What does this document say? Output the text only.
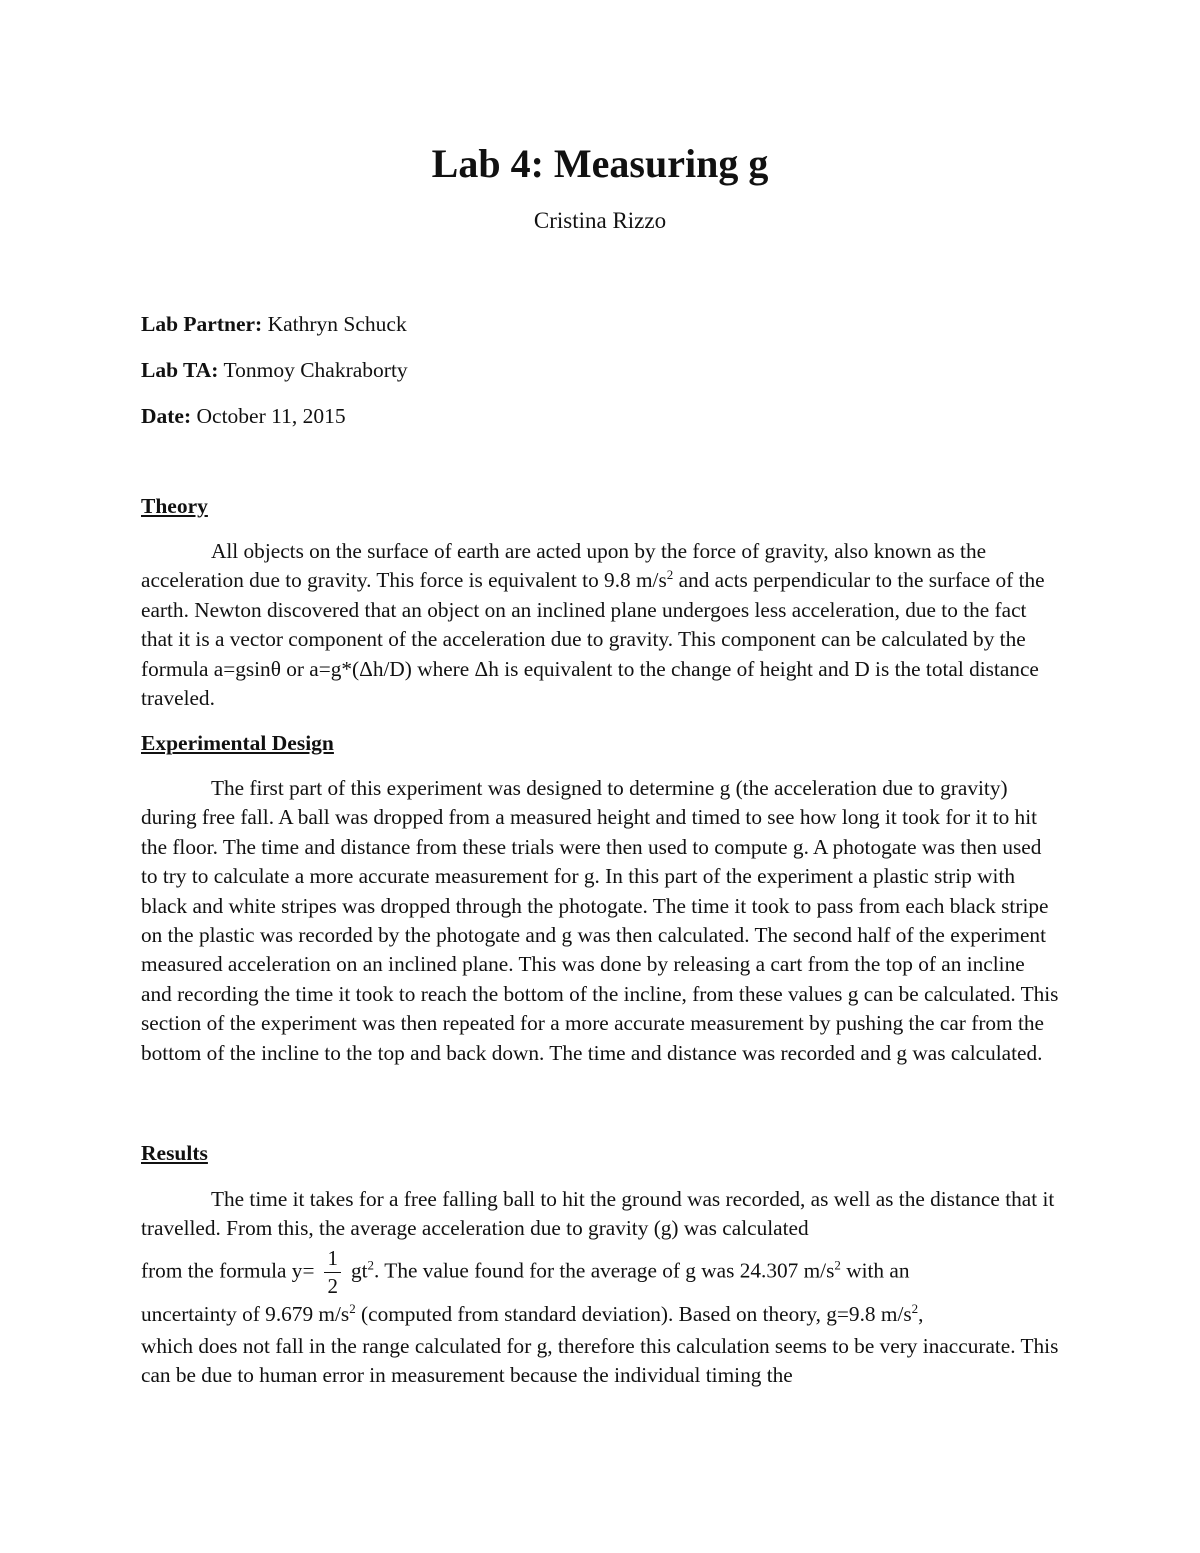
Lab 4: Measuring g
Cristina Rizzo
Lab Partner: Kathryn Schuck
Lab TA: Tonmoy Chakraborty
Date: October 11, 2015
Theory

All objects on the surface of earth are acted upon by the force of gravity, also known as the acceleration due to gravity. This force is equivalent to 9.8 $m/s^2$ and acts perpendicular to the surface of the earth. Newton discovered that an object on an inclined plane undergoes less acceleration, due to the fact that it is a vector component of the acceleration due to gravity. This component can be calculated by the formula a=gsinθ or a=g*(Δh/D) where Δh is equivalent to the change of height and D is the total distance traveled.

Experimental Design

The first part of this experiment was designed to determine g (the acceleration due to gravity) during free fall. A ball was dropped from a measured height and timed to see how long it took for it to hit the floor. The time and distance from these trials were then used to compute g. A photogate was then used to try to calculate a more accurate measurement for g. In this part of the experiment a plastic strip with black and white stripes was dropped through the photogate. The time it took to pass from each black stripe on the plastic was recorded by the photogate and g was then calculated. The second half of the experiment measured acceleration on an inclined plane. This was done by releasing a cart from the top of an incline and recording the time it took to reach the bottom of the incline, from these values g can be calculated. This section of the experiment was then repeated for a more accurate measurement by pushing the car from the bottom of the incline to the top and back down. The time and distance was recorded and g was calculated.

Results

The time it takes for a free falling ball to hit the ground was recorded, as well as the distance that it travelled. From this, the average acceleration due to gravity (g) was calculated

from the formula $y= \frac{1}{2} gt^2$. The value found for the average of g was 24.307 $m/s^2$ with an
uncertainty of 9.679 $m/s^2$ (computed from standard deviation). Based on theory, g=9.8 $m/s^2$,

which does not fall in the range calculated for g, therefore this calculation seems to be very inaccurate. This can be due to human error in measurement because the individual timing the
